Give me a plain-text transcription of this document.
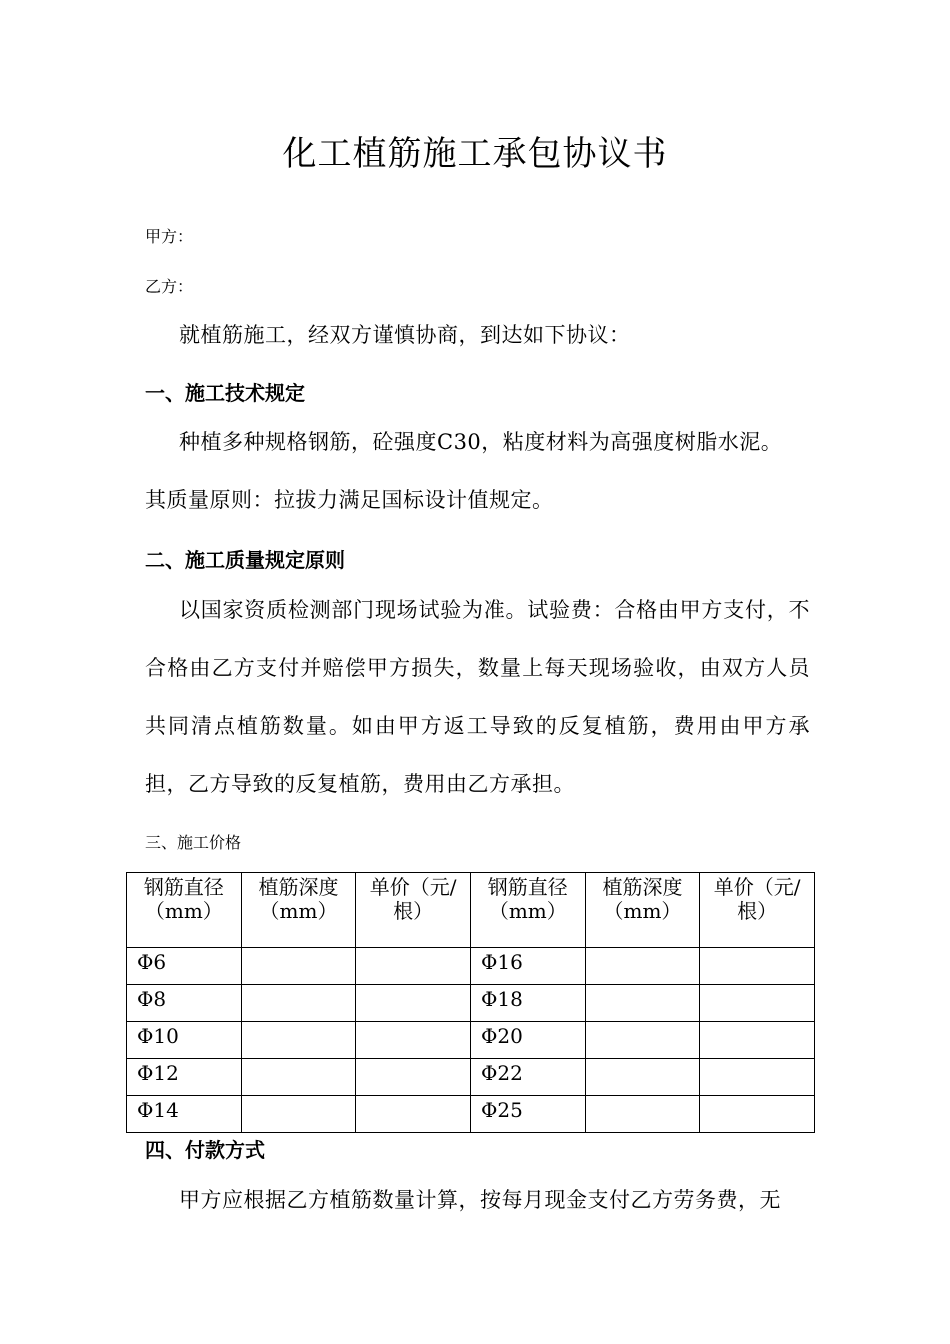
化工植筋施工承包协议书
甲方：
乙方：
就植筋施工，经双方谨慎协商，到达如下协议：
一、施工技术规定
种植多种规格钢筋，砼强度C30，粘度材料为高强度树脂水泥。
其质量原则：拉拔力满足国标设计值规定。
二、施工质量规定原则
以国家资质检测部门现场试验为准。试验费：合格由甲方支付，不合格由乙方支付并赔偿甲方损失，数量上每天现场验收，由双方人员共同清点植筋数量。如由甲方返工导致的反复植筋，费用由甲方承担，乙方导致的反复植筋，费用由乙方承担。
三、施工价格
钢筋直径（mm）	植筋深度（mm）	单价（元/根）	钢筋直径（mm）	植筋深度（mm）	单价（元/根）
Φ6			Φ16		
Φ8			Φ18		
Φ10			Φ20		
Φ12			Φ22		
Φ14			Φ25		
四、付款方式
甲方应根据乙方植筋数量计算，按每月现金支付乙方劳务费，无
